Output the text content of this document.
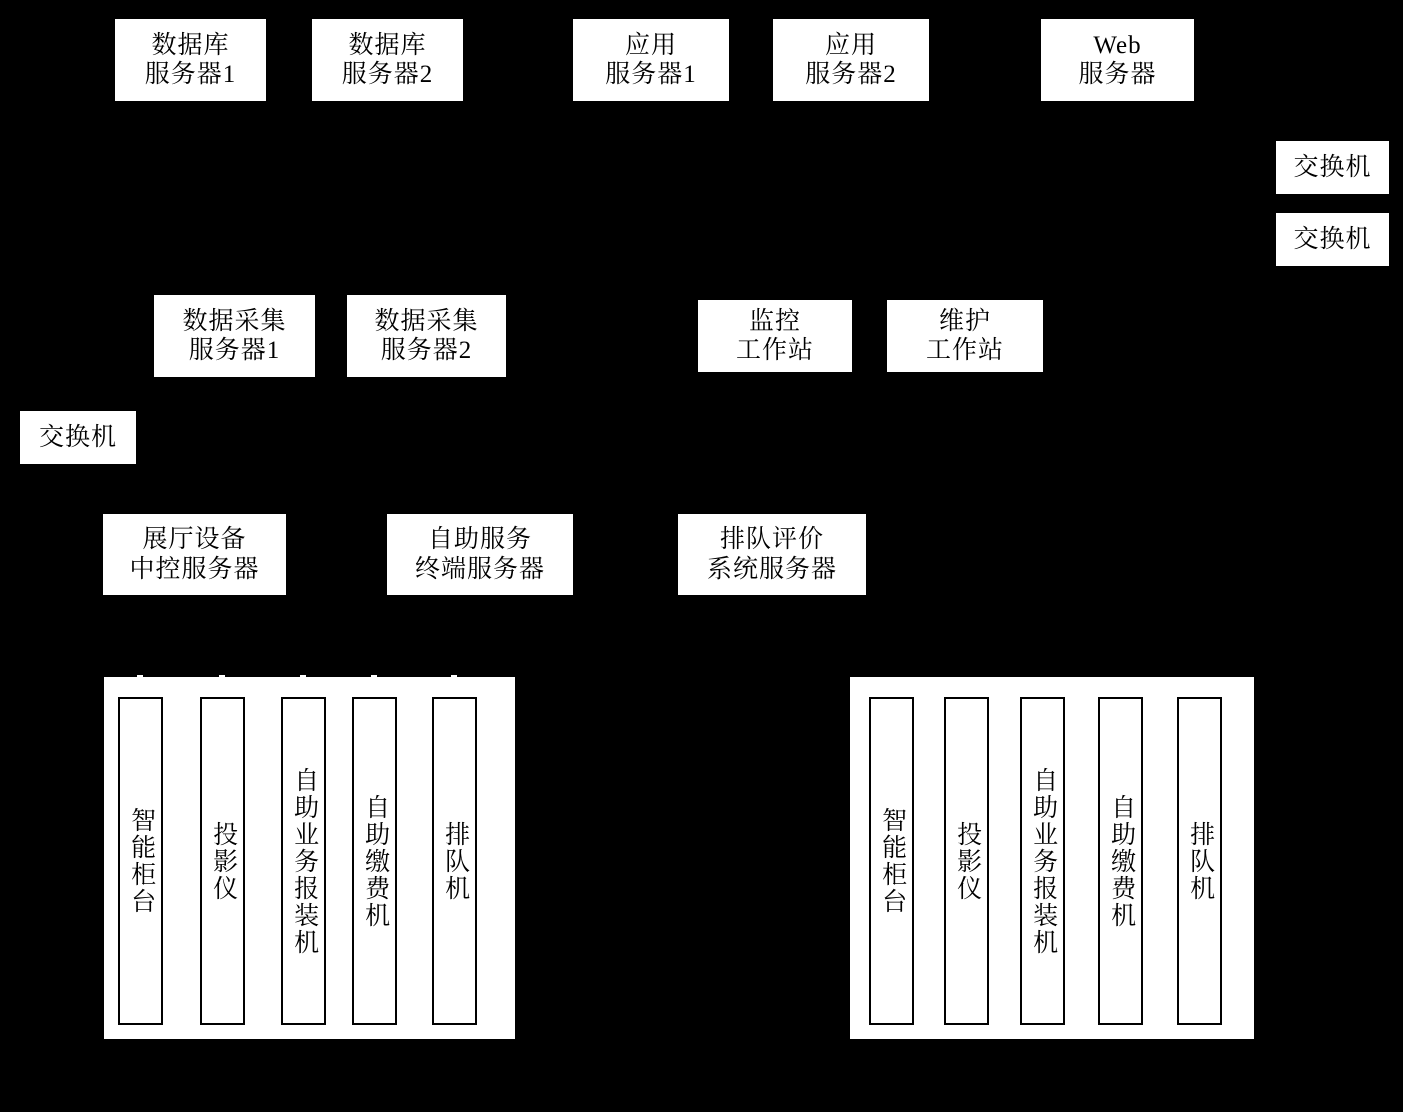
智能柜台 投影仪 自助业务报装机 自助缴费机 排队机	智能柜台 投影仪 自助业务报装机 自助缴费机 排队机
数据库
服务器1
数据库
服务器2
应用
服务器1
应用
服务器2
Web
服务器
交换机
交换机
数据采集
服务器1
数据采集
服务器2
监控
工作站
维护
工作站
交换机
展厅设备
中控服务器
自助服务
终端服务器
排队评价
系统服务器
